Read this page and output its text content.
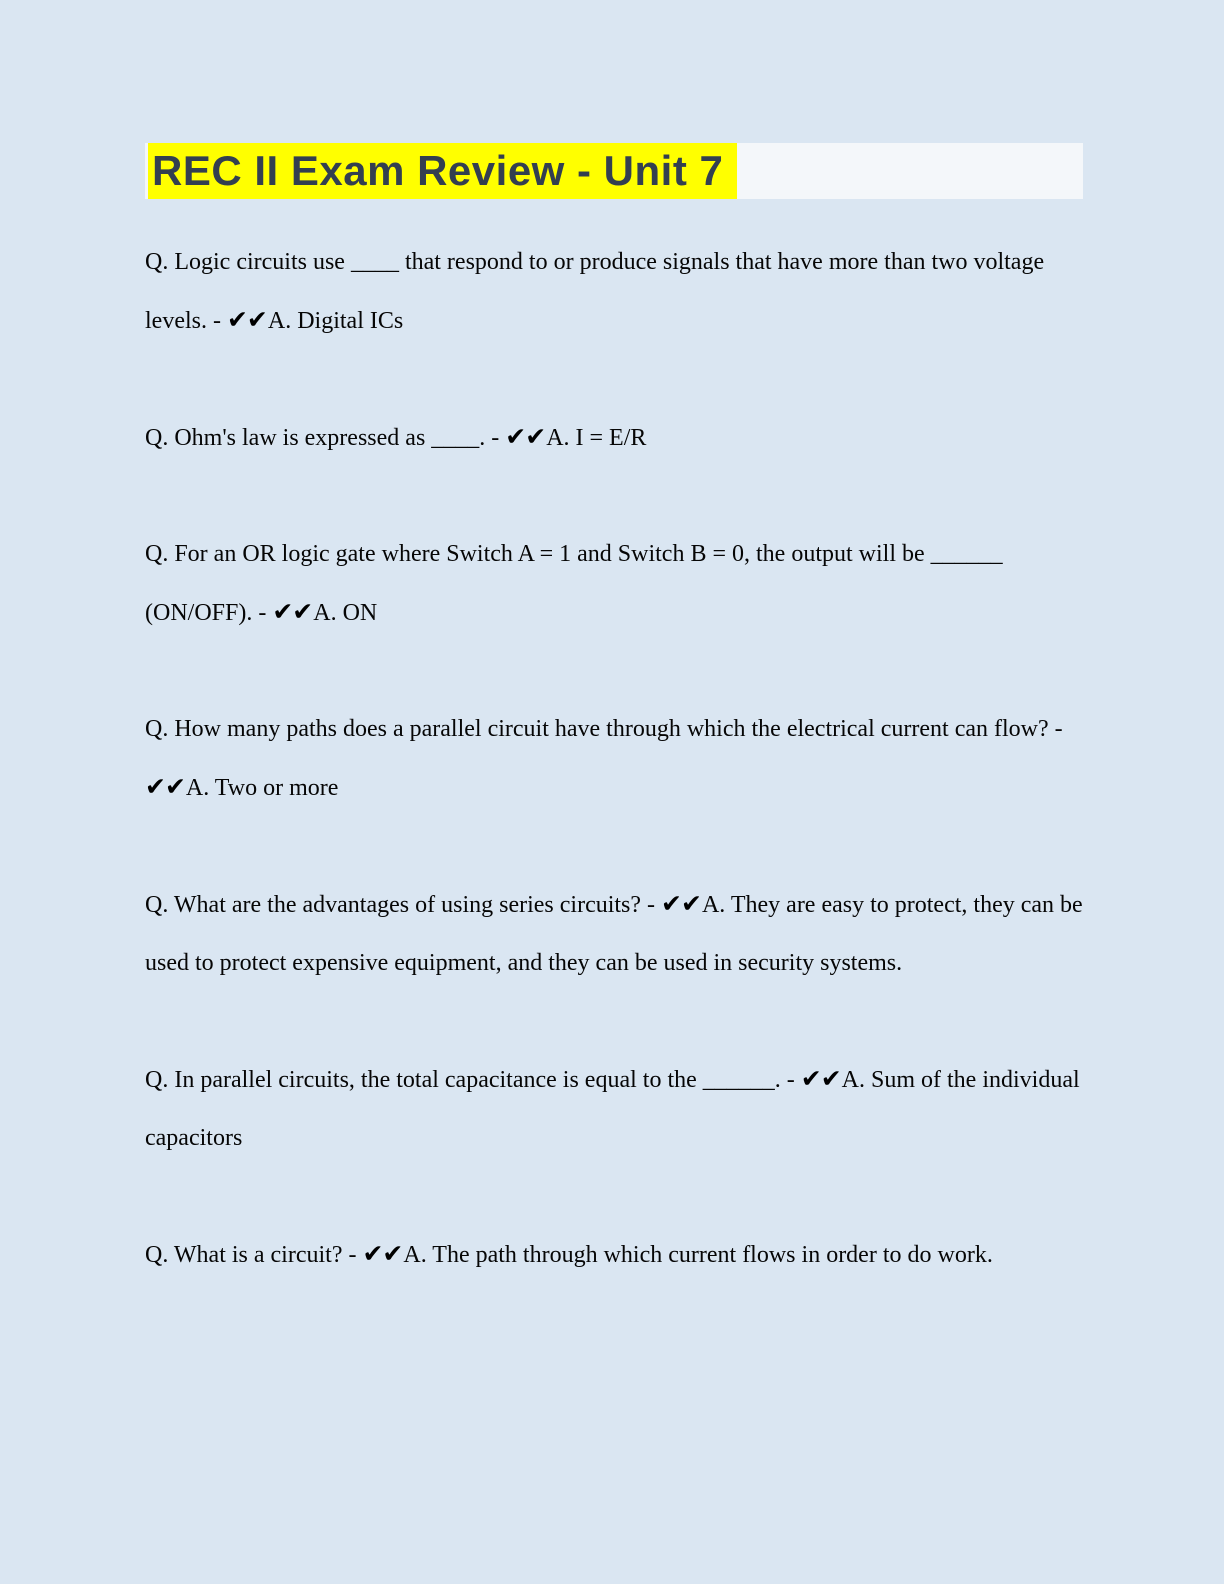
REC II Exam Review - Unit 7

Q. Logic circuits use ____ that respond to or produce signals that have more than two voltage levels. - ✔✔A. Digital ICs

Q. Ohm's law is expressed as ____. - ✔✔A. I = E/R

Q. For an OR logic gate where Switch A = 1 and Switch B = 0, the output will be ______ (ON/OFF). - ✔✔A. ON

Q. How many paths does a parallel circuit have through which the electrical current can flow? - ✔✔A. Two or more

Q. What are the advantages of using series circuits? - ✔✔A. They are easy to protect, they can be used to protect expensive equipment, and they can be used in security systems.

Q. In parallel circuits, the total capacitance is equal to the ______. - ✔✔A. Sum of the individual capacitors

Q. What is a circuit? - ✔✔A. The path through which current flows in order to do work.
